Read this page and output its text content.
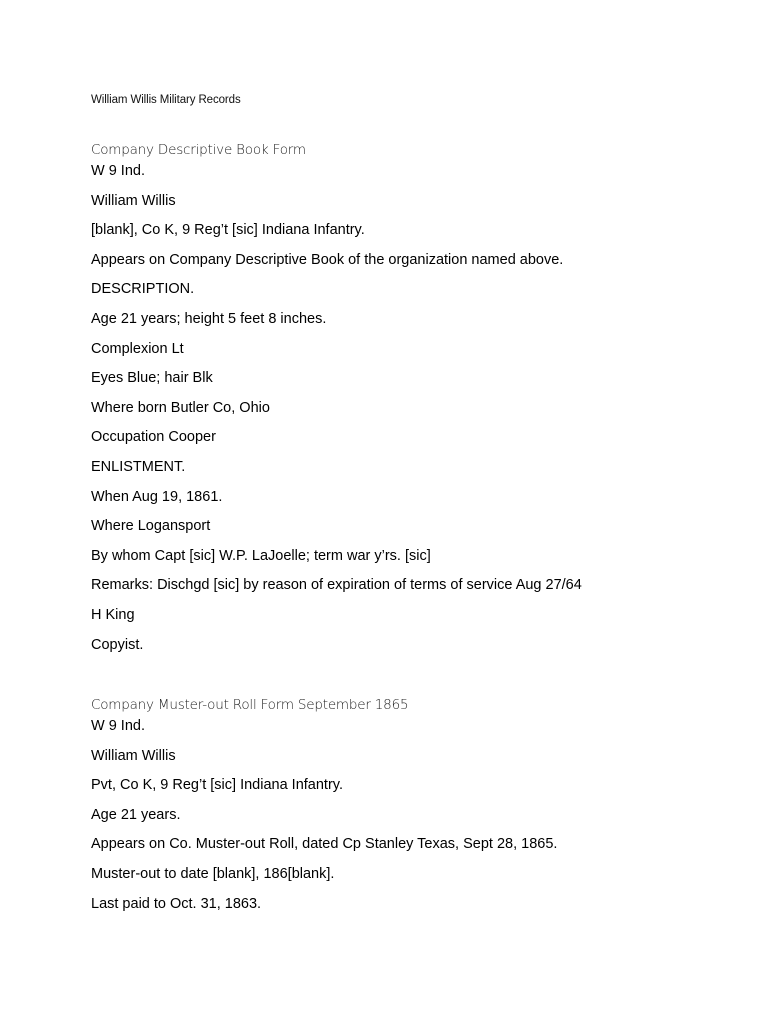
William Willis Military Records
Company Descriptive Book Form

W 9 Ind.

William Willis

[blank], Co K, 9 Reg’t [sic] Indiana Infantry.

Appears on Company Descriptive Book of the organization named above.

DESCRIPTION.

Age 21 years; height 5 feet 8 inches.

Complexion Lt

Eyes Blue; hair Blk

Where born Butler Co, Ohio

Occupation Cooper

ENLISTMENT.

When Aug 19, 1861.

Where Logansport

By whom Capt [sic] W.P. LaJoelle; term war y’rs. [sic]

Remarks: Dischgd [sic] by reason of expiration of terms of service Aug 27/64

H King

Copyist.

Company Muster-out Roll Form September 1865

W 9 Ind.

William Willis

Pvt, Co K, 9 Reg’t [sic] Indiana Infantry.

Age 21 years.

Appears on Co. Muster-out Roll, dated Cp Stanley Texas, Sept 28, 1865.

Muster-out to date [blank], 186[blank].

Last paid to Oct. 31, 1863.
